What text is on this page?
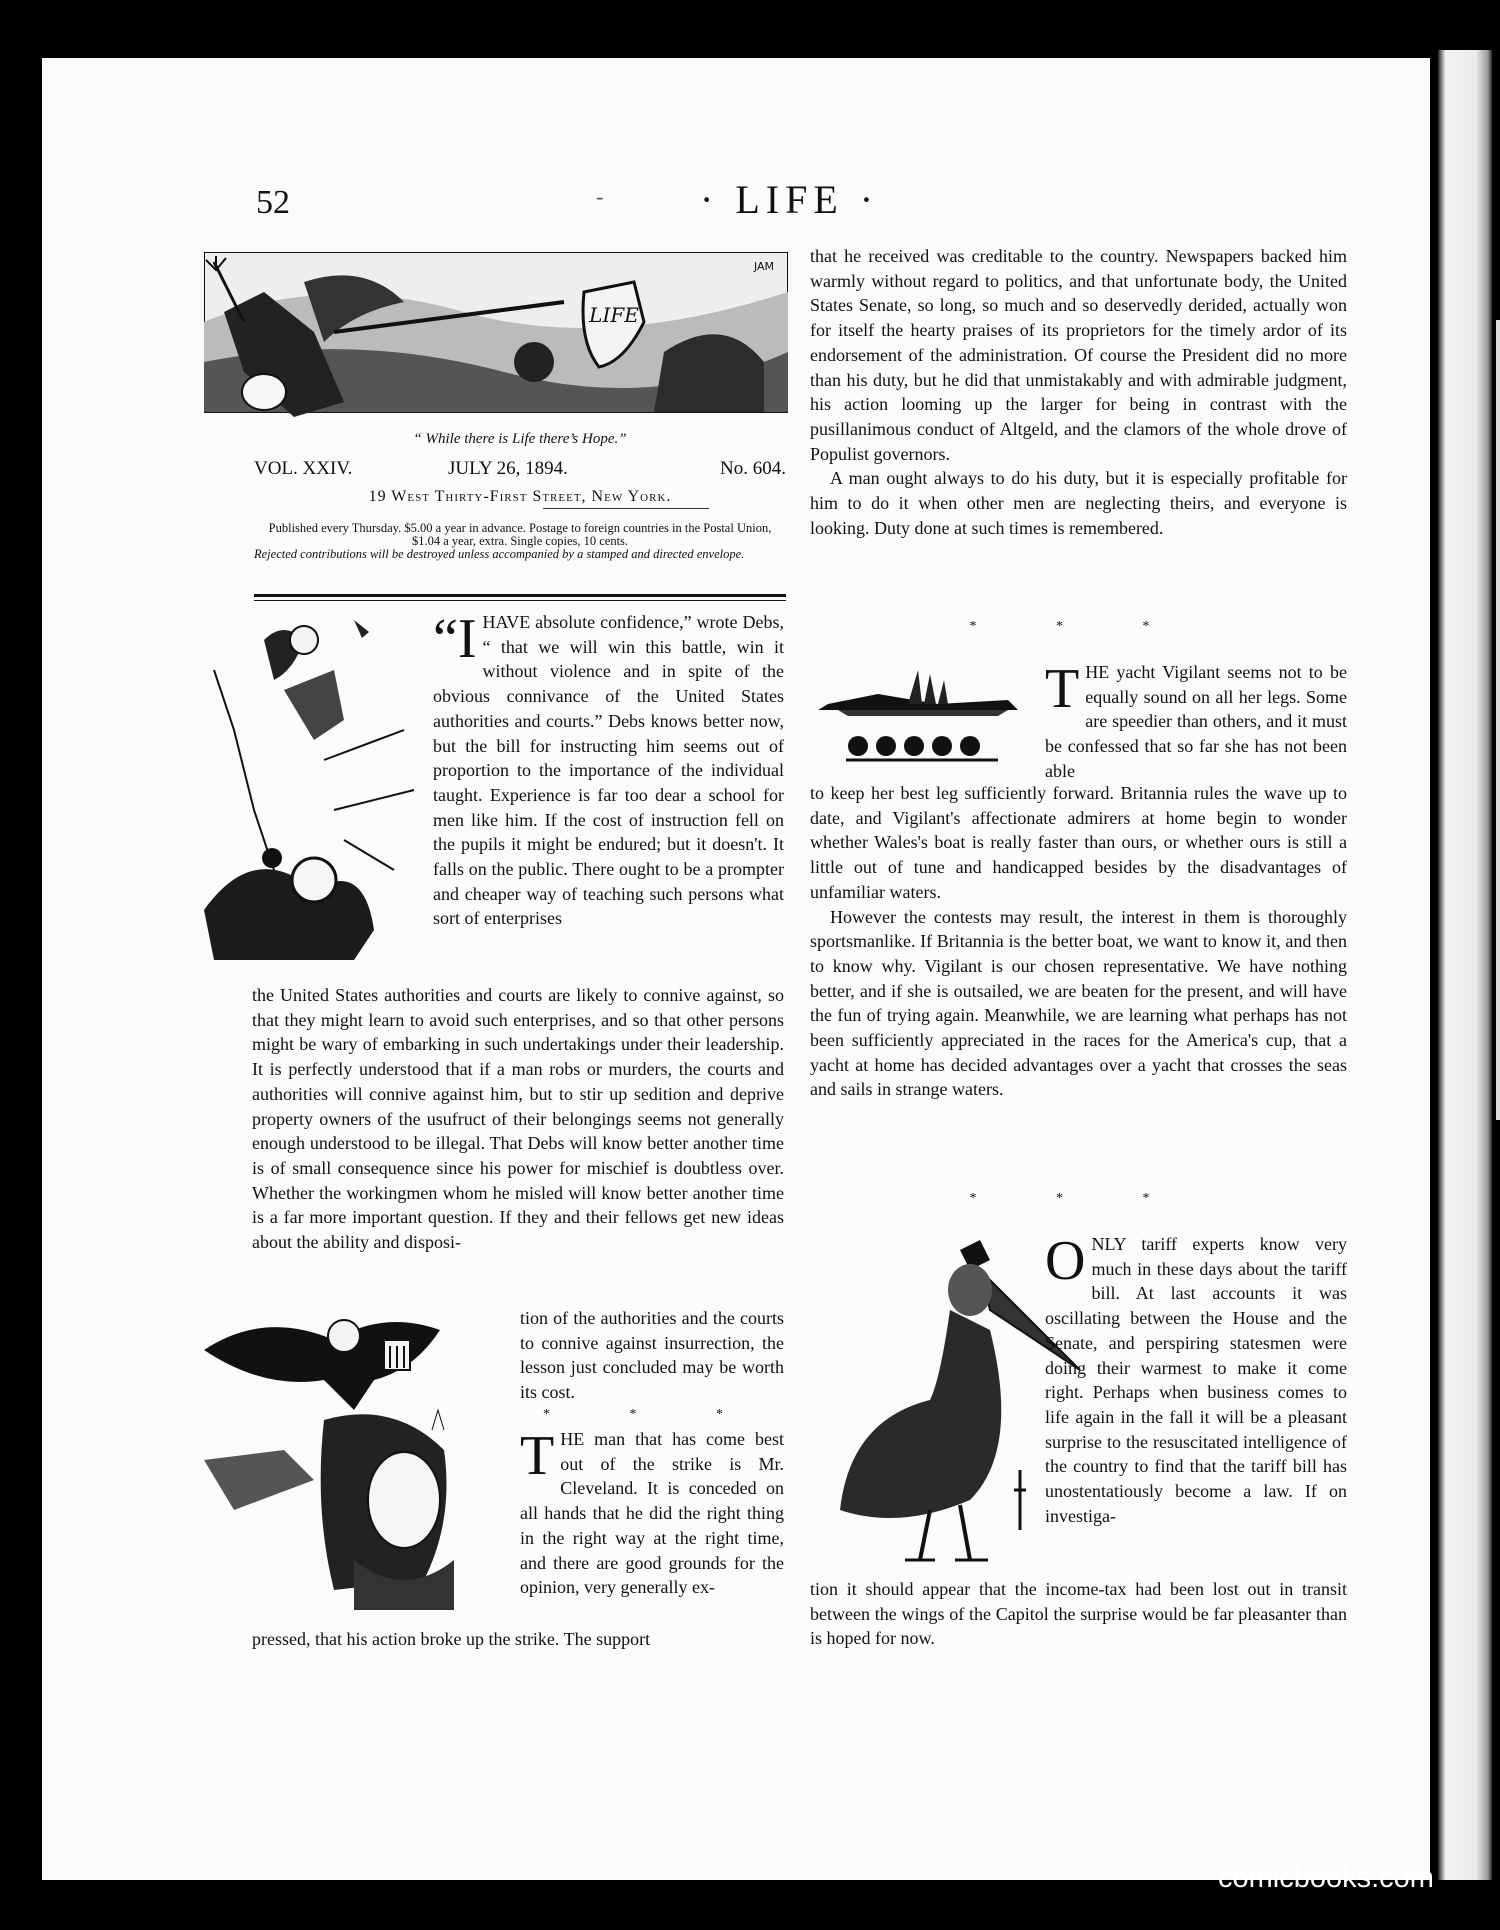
52	- · LIFE ·
LIFE
JAM
“ While there is Life there’s Hope.”
VOL. XXIV.	JULY 26, 1894.	No. 604.
19 West Thirty-First Street, New York.
Published every Thursday. $5.00 a year in advance. Postage to foreign countries in the Postal Union, $1.04 a year, extra. Single copies, 10 cents.
Rejected contributions will be destroyed unless accompanied by a stamped and directed envelope.

“IHAVE absolute confidence,” wrote Debs, “ that we will win this battle, win it without violence and in spite of the obvious connivance of the United States authorities and courts.” Debs knows better now, but the bill for instructing him seems out of proportion to the importance of the individual taught. Experience is far too dear a school for men like him. If the cost of instruction fell on the pupils it might be endured; but it doesn't. It falls on the public. There ought to be a prompter and cheaper way of teaching such persons what sort of enterprises

the United States authorities and courts are likely to connive against, so that they might learn to avoid such enterprises, and so that other persons might be wary of embarking in such undertakings under their leadership. It is perfectly understood that if a man robs or murders, the courts and authorities will connive against him, but to stir up sedition and deprive property owners of the usufruct of their belongings seems not generally enough understood to be illegal. That Debs will know better another time is of small consequence since his power for mischief is doubtless over. Whether the workingmen whom he misled will know better another time is a far more important question. If they and their fellows get new ideas about the ability and disposi-

tion of the authorities and the courts to connive against insurrection, the lesson just concluded may be worth its cost.

* * *

THE man that has come best out of the strike is Mr. Cleveland. It is conceded on all hands that he did the right thing in the right way at the right time, and there are good grounds for the opinion, very generally ex-

pressed, that his action broke up the strike. The support

that he received was creditable to the country. Newspapers backed him warmly without regard to politics, and that unfortunate body, the United States Senate, so long, so much and so deservedly derided, actually won for itself the hearty praises of its proprietors for the timely ardor of its endorsement of the administration. Of course the President did no more than his duty, but he did that unmistakably and with admirable judgment, his action looming up the larger for being in contrast with the pusillanimous conduct of Altgeld, and the clamors of the whole drove of Populist governors.

A man ought always to do his duty, but it is especially profitable for him to do it when other men are neglecting theirs, and everyone is looking. Duty done at such times is remembered.

* * *

THE yacht Vigilant seems not to be equally sound on all her legs. Some are speedier than others, and it must be confessed that so far she has not been able

to keep her best leg sufficiently forward. Britannia rules the wave up to date, and Vigilant's affectionate admirers at home begin to wonder whether Wales's boat is really faster than ours, or whether ours is still a little out of tune and handicapped besides by the disadvantages of unfamiliar waters.

However the contests may result, the interest in them is thoroughly sportsmanlike. If Britannia is the better boat, we want to know it, and then to know why. Vigilant is our chosen representative. We have nothing better, and if she is outsailed, we are beaten for the present, and will have the fun of trying again. Meanwhile, we are learning what perhaps has not been sufficiently appreciated in the races for the America's cup, that a yacht at home has decided advantages over a yacht that crosses the seas and sails in strange waters.

* * *

ONLY tariff experts know very much in these days about the tariff bill. At last accounts it was oscillating between the House and the Senate, and perspiring statesmen were doing their warmest to make it come right. Perhaps when business comes to life again in the fall it will be a pleasant surprise to the resuscitated intelligence of the country to find that the tariff bill has unostentatiously become a law. If on investiga-

tion it should appear that the income-tax had been lost out in transit between the wings of the Capitol the surprise would be far pleasanter than is hoped for now.

comicbooks.com
